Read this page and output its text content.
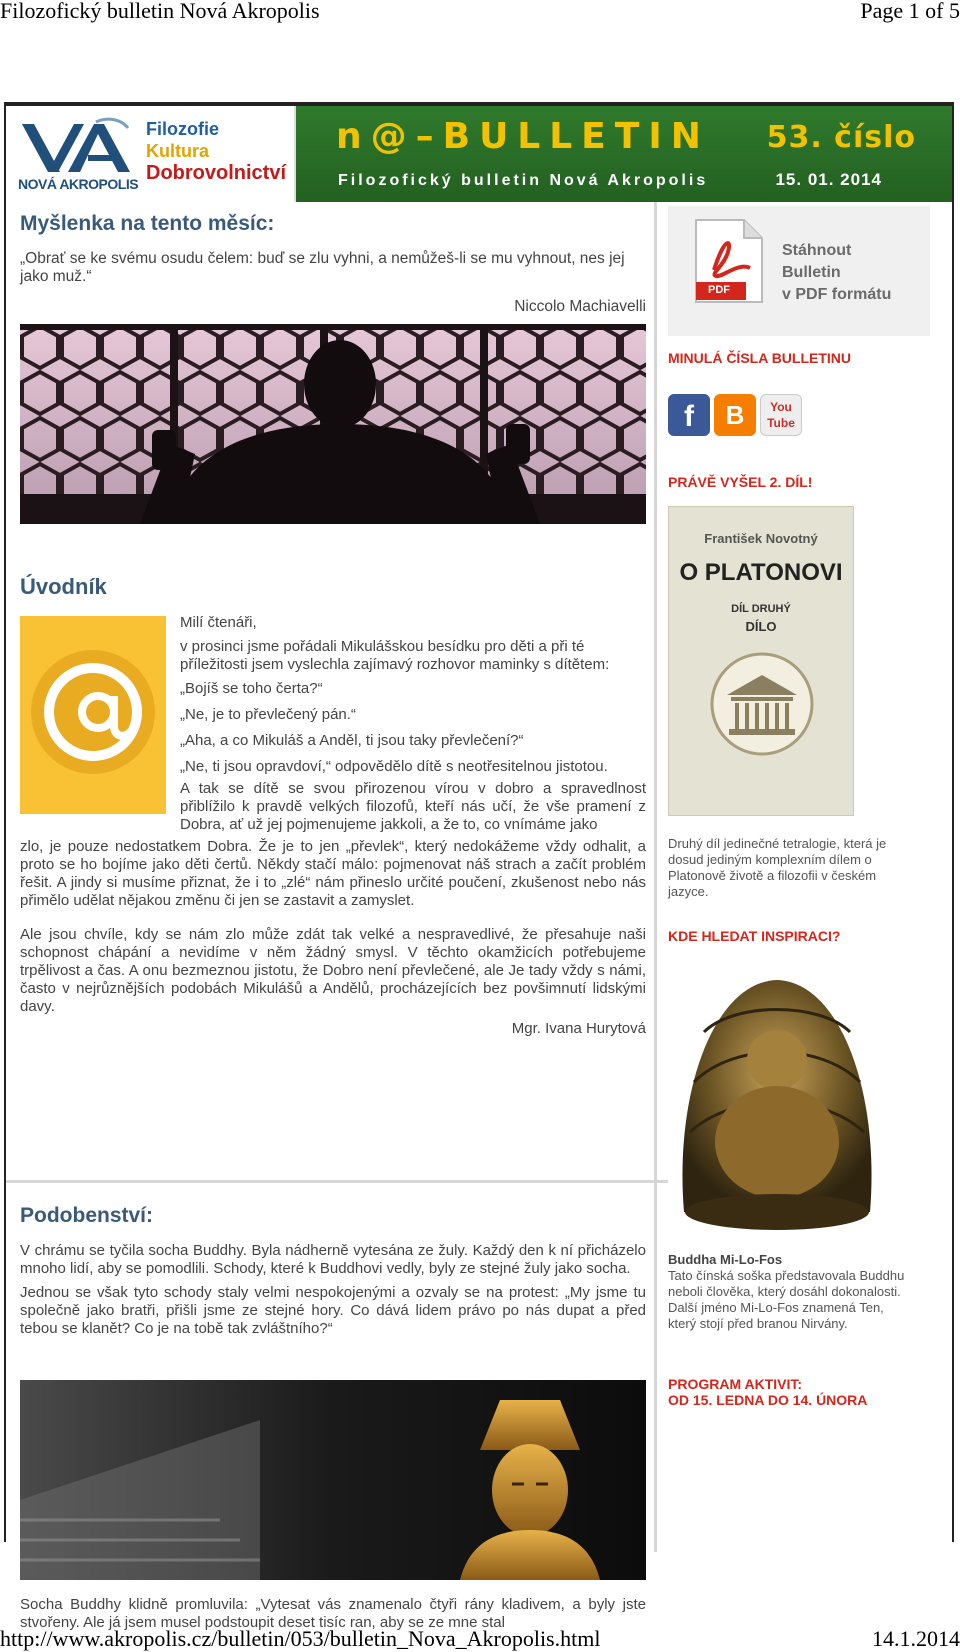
Filozofický bulletin Nová Akropolis	Page 1 of 5
Filozofie
Kultura
Dobrovolnictví
NOVÁ AKROPOLIS
n@–BULLETIN 53. číslo
Filozofický bulletin Nová Akropolis	15. 01. 2014
Myšlenka na tento měsíc:
„Obrať se ke svému osudu čelem: buď se zlu vyhni, a nemůžeš-li se mu vyhnout, nes jej jako muž.“
Niccolo Machiavelli
Úvodník
Milí čtenáři,
v prosinci jsme pořádali Mikulášskou besídku pro děti a při té příležitosti jsem vyslechla zajímavý rozhovor maminky s dítětem:
„Bojíš se toho čerta?“
„Ne, je to převlečený pán.“
„Aha, a co Mikuláš a Anděl, ti jsou taky převlečení?“
„Ne, ti jsou opravdoví,“ odpovědělo dítě s neotřesitelnou jistotou.
A tak se dítě se svou přirozenou vírou v dobro a spravedlnost přiblížilo k pravdě velkých filozofů, kteří nás učí, že vše pramení z Dobra, ať už jej pojmenujeme jakkoli, a že to, co vnímáme jako
zlo, je pouze nedostatkem Dobra. Že je to jen „převlek“, který nedokážeme vždy odhalit, a proto se ho bojíme jako děti čertů. Někdy stačí málo: pojmenovat náš strach a začít problém řešit. A jindy si musíme přiznat, že i to „zlé“ nám přineslo určité poučení, zkušenost nebo nás přimělo udělat nějakou změnu či jen se zastavit a zamyslet.
Ale jsou chvíle, kdy se nám zlo může zdát tak velké a nespravedlivé, že přesahuje naši schopnost chápání a nevidíme v něm žádný smysl. V těchto okamžicích potřebujeme trpělivost a čas. A onu bezmeznou jistotu, že Dobro není převlečené, ale Je tady vždy s námi, často v nejrůznějších podobách Mikulášů a Andělů, procházejících bez povšimnutí lidskými davy.
Mgr. Ivana Hurytová
Podobenství:
V chrámu se tyčila socha Buddhy. Byla nádherně vytesána ze žuly. Každý den k ní přicházelo mnoho lidí, aby se pomodlili. Schody, které k Buddhovi vedly, byly ze stejné žuly jako socha.
Jednou se však tyto schody staly velmi nespokojenými a ozvaly se na protest: „My jsme tu společně jako bratři, přišli jsme ze stejné hory. Co dává lidem právo po nás dupat a před tebou se klanět? Co je na tobě tak zvláštního?“
Socha Buddhy klidně promluvila: „Vytesat vás znamenalo čtyři rány kladivem, a byly jste stvořeny. Ale já jsem musel podstoupit deset tisíc ran, aby se ze mne stal
PDF
Stáhnout
Bulletin
v PDF formátu
MINULÁ ČÍSLA BULLETINU
f	B	You Tube
PRÁVĚ VYŠEL 2. DÍL!
František Novotný
O PLATONOVI
DÍL DRUHÝ
DÍLO
Druhý díl jedinečné tetralogie, která je dosud jediným komplexním dílem o Platonově životě a filozofii v českém jazyce.
KDE HLEDAT INSPIRACI?
Buddha Mi-Lo-Fos
Tato čínská soška představovala Buddhu neboli člověka, který dosáhl dokonalosti. Další jméno Mi-Lo-Fos znamená Ten, který stojí před branou Nirvány.
PROGRAM AKTIVIT:
OD 15. LEDNA DO 14. ÚNORA
http://www.akropolis.cz/bulletin/053/bulletin_Nova_Akropolis.html	14.1.2014
